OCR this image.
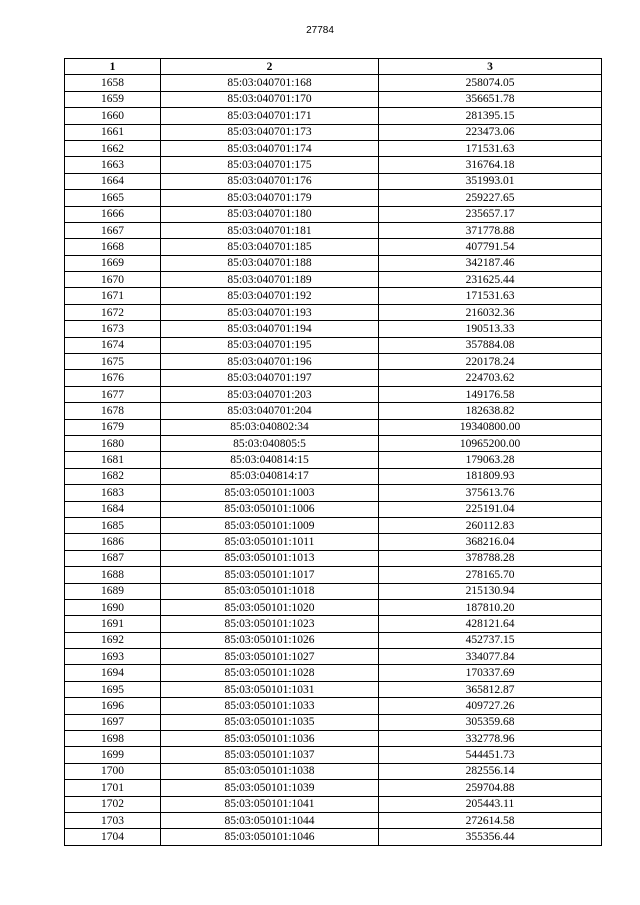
27784
1	2	3
1658	85:03:040701:168	258074.05
1659	85:03:040701:170	356651.78
1660	85:03:040701:171	281395.15
1661	85:03:040701:173	223473.06
1662	85:03:040701:174	171531.63
1663	85:03:040701:175	316764.18
1664	85:03:040701:176	351993.01
1665	85:03:040701:179	259227.65
1666	85:03:040701:180	235657.17
1667	85:03:040701:181	371778.88
1668	85:03:040701:185	407791.54
1669	85:03:040701:188	342187.46
1670	85:03:040701:189	231625.44
1671	85:03:040701:192	171531.63
1672	85:03:040701:193	216032.36
1673	85:03:040701:194	190513.33
1674	85:03:040701:195	357884.08
1675	85:03:040701:196	220178.24
1676	85:03:040701:197	224703.62
1677	85:03:040701:203	149176.58
1678	85:03:040701:204	182638.82
1679	85:03:040802:34	19340800.00
1680	85:03:040805:5	10965200.00
1681	85:03:040814:15	179063.28
1682	85:03:040814:17	181809.93
1683	85:03:050101:1003	375613.76
1684	85:03:050101:1006	225191.04
1685	85:03:050101:1009	260112.83
1686	85:03:050101:1011	368216.04
1687	85:03:050101:1013	378788.28
1688	85:03:050101:1017	278165.70
1689	85:03:050101:1018	215130.94
1690	85:03:050101:1020	187810.20
1691	85:03:050101:1023	428121.64
1692	85:03:050101:1026	452737.15
1693	85:03:050101:1027	334077.84
1694	85:03:050101:1028	170337.69
1695	85:03:050101:1031	365812.87
1696	85:03:050101:1033	409727.26
1697	85:03:050101:1035	305359.68
1698	85:03:050101:1036	332778.96
1699	85:03:050101:1037	544451.73
1700	85:03:050101:1038	282556.14
1701	85:03:050101:1039	259704.88
1702	85:03:050101:1041	205443.11
1703	85:03:050101:1044	272614.58
1704	85:03:050101:1046	355356.44
